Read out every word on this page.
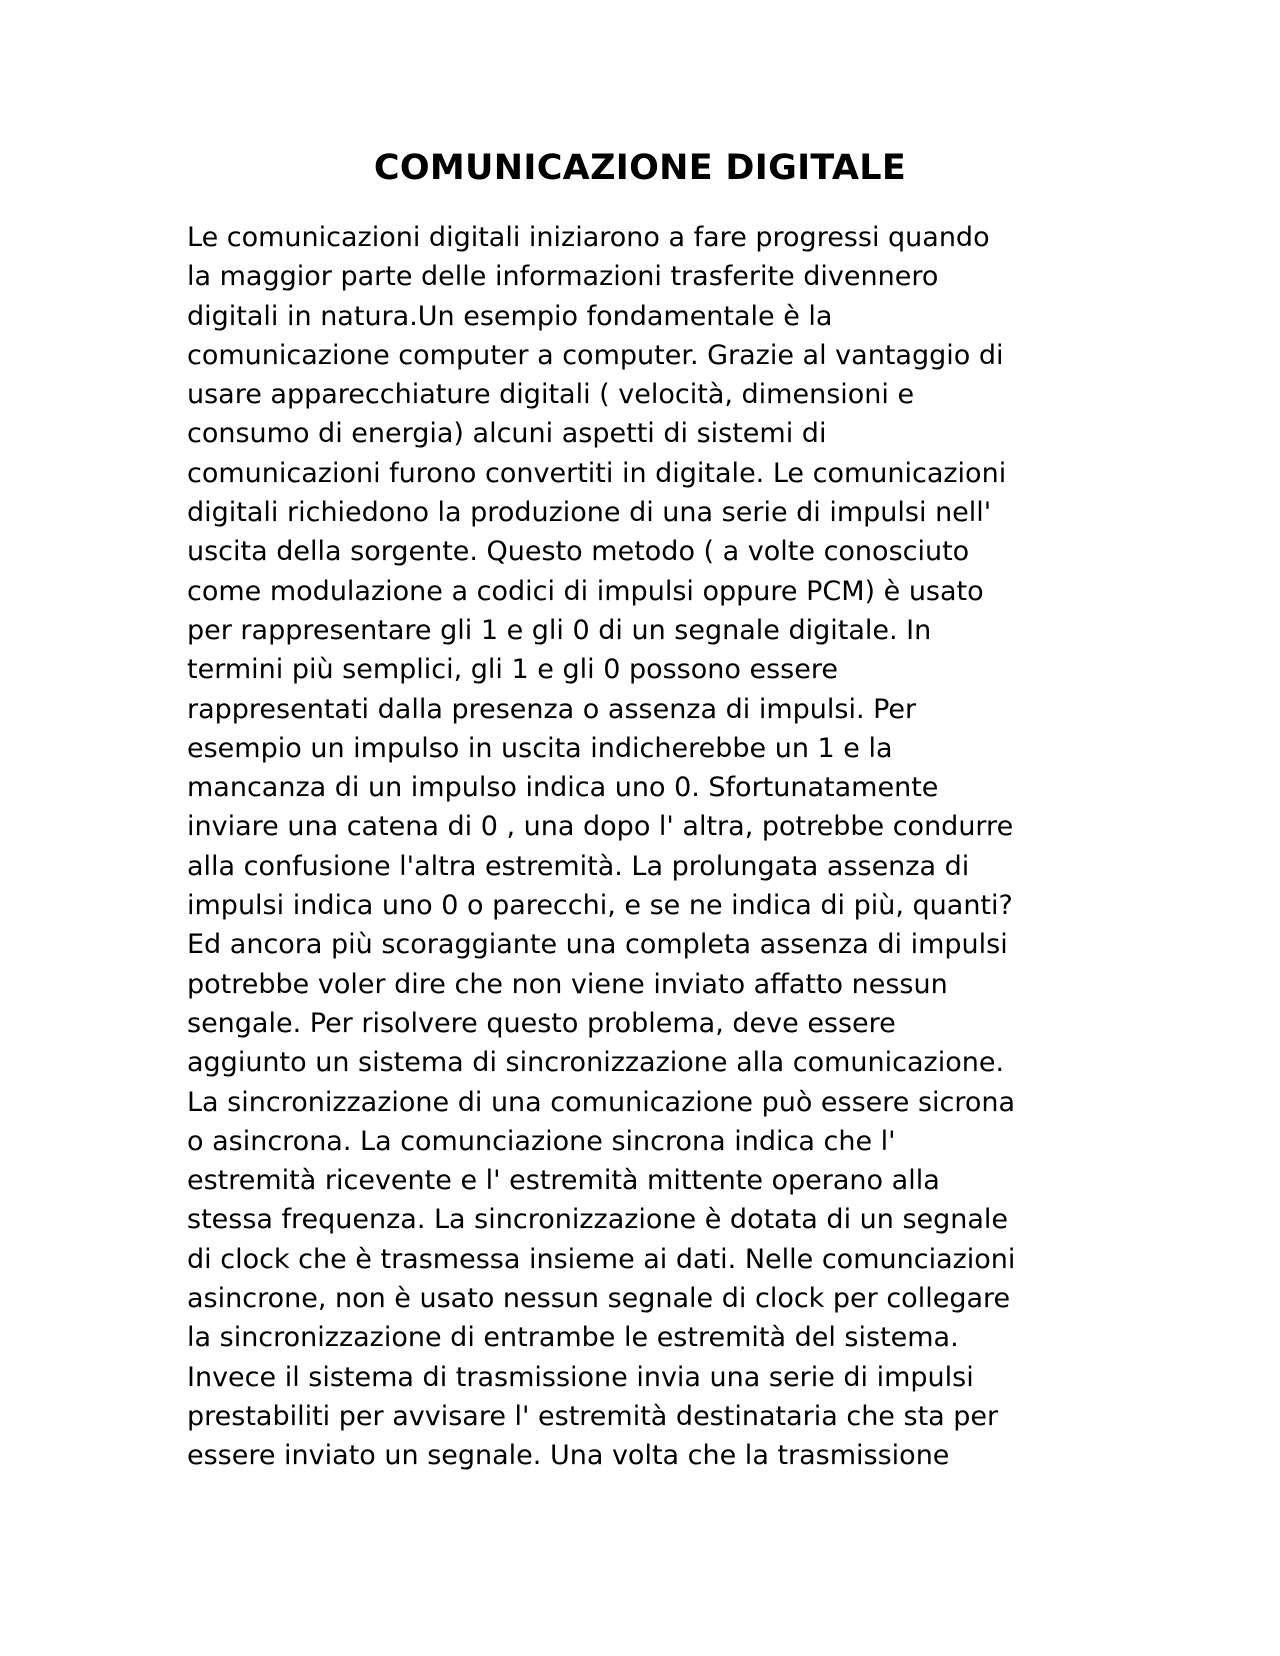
COMUNICAZIONE DIGITALE
Le comunicazioni digitali iniziarono a fare progressi quando
la maggior parte delle informazioni trasferite divennero
digitali in natura.Un esempio fondamentale è la
comunicazione computer a computer. Grazie al vantaggio di
usare apparecchiature digitali ( velocità, dimensioni e
consumo di energia) alcuni aspetti di sistemi di
comunicazioni furono convertiti in digitale. Le comunicazioni
digitali richiedono la produzione di una serie di impulsi nell'
uscita della sorgente. Questo metodo ( a volte conosciuto
come modulazione a codici di impulsi oppure PCM) è usato
per rappresentare gli 1 e gli 0 di un segnale digitale. In
termini più semplici, gli 1 e gli 0 possono essere
rappresentati dalla presenza o assenza di impulsi. Per
esempio un impulso in uscita indicherebbe un 1 e la
mancanza di un impulso indica uno 0. Sfortunatamente
inviare una catena di 0 , una dopo l' altra, potrebbe condurre
alla confusione l'altra estremità. La prolungata assenza di
impulsi indica uno 0 o parecchi, e se ne indica di più, quanti?
Ed ancora più scoraggiante una completa assenza di impulsi
potrebbe voler dire che non viene inviato affatto nessun
sengale. Per risolvere questo problema, deve essere
aggiunto un sistema di sincronizzazione alla comunicazione.
La sincronizzazione di una comunicazione può essere sicrona
o asincrona. La comunciazione sincrona indica che l'
estremità ricevente e l' estremità mittente operano alla
stessa frequenza. La sincronizzazione è dotata di un segnale
di clock che è trasmessa insieme ai dati. Nelle comunciazioni
asincrone, non è usato nessun segnale di clock per collegare
la sincronizzazione di entrambe le estremità del sistema.
Invece il sistema di trasmissione invia una serie di impulsi
prestabiliti per avvisare l' estremità destinataria che sta per
essere inviato un segnale. Una volta che la trasmissione
